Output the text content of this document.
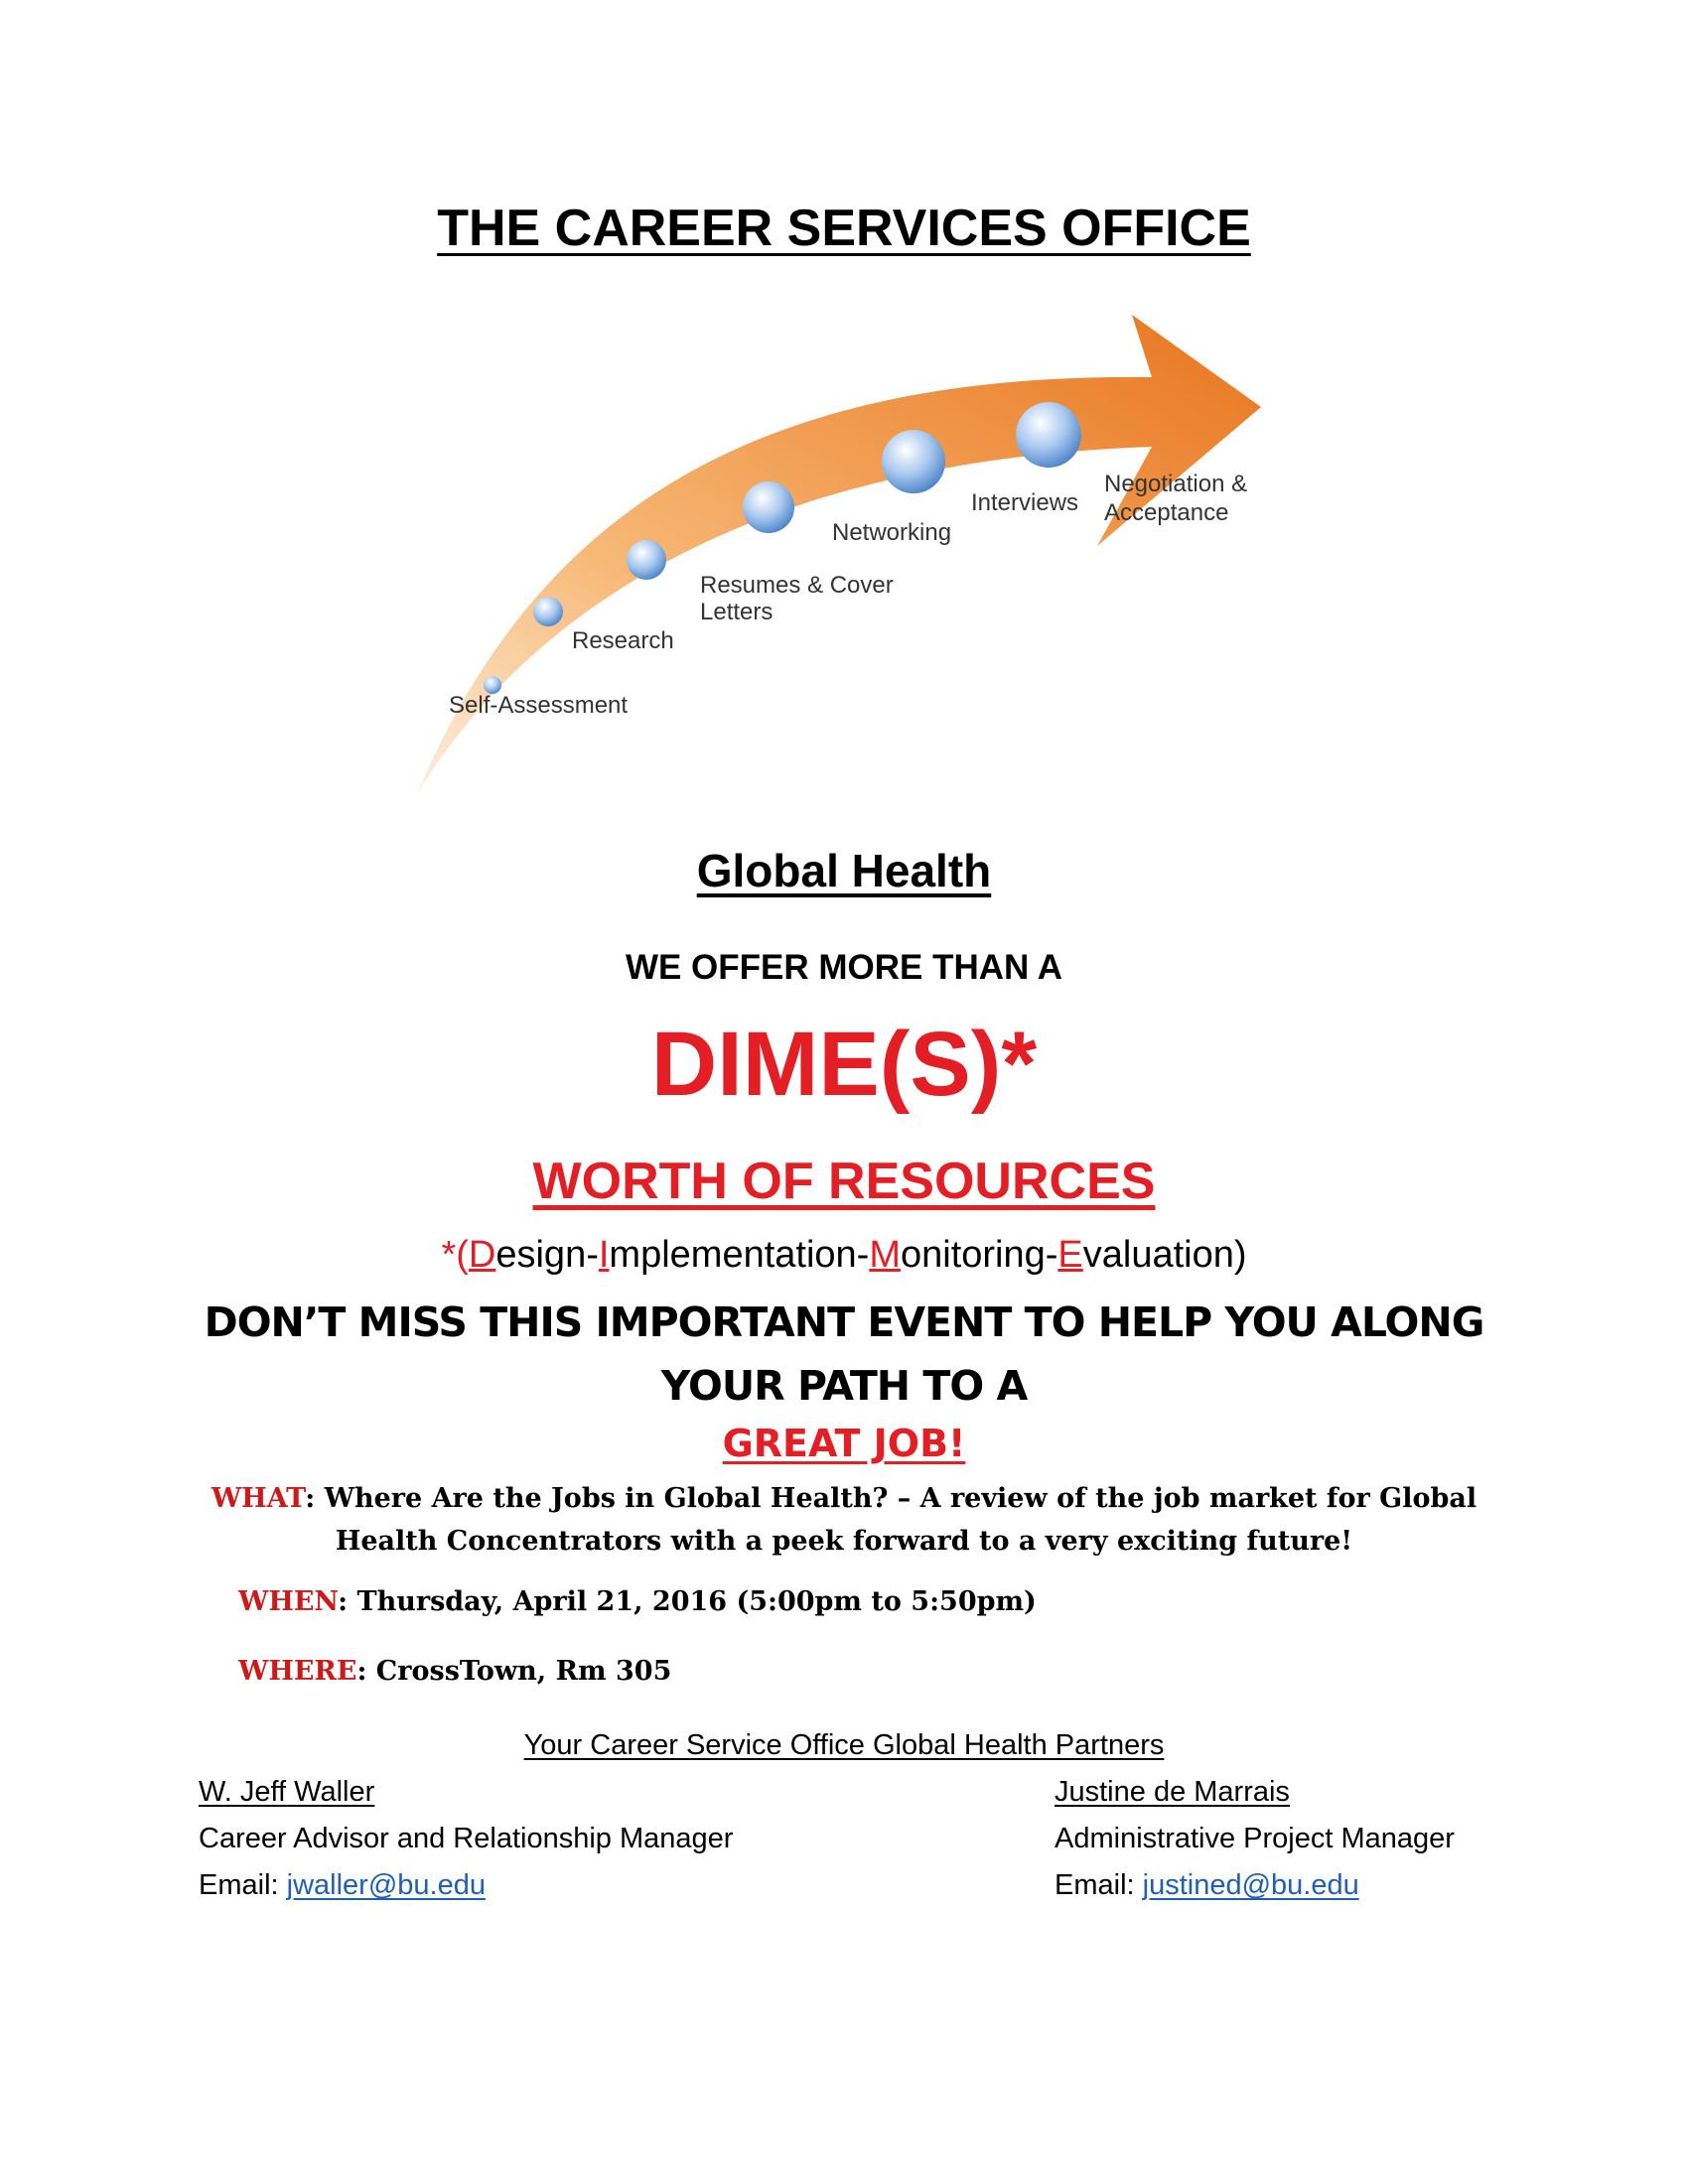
THE CAREER SERVICES OFFICE
Self-Assessment
Research
Resumes & Cover
Letters
Networking
Interviews
Negotiation &
Acceptance
Global Health
WE OFFER MORE THAN A
DIME(S)*
WORTH OF RESOURCES
*(Design-Implementation-Monitoring-Evaluation)
DON’T MISS THIS IMPORTANT EVENT TO HELP YOU ALONG YOUR PATH TO A
GREAT JOB!
WHAT: Where Are the Jobs in Global Health? – A review of the job market for Global Health Concentrators with a peek forward to a very exciting future!
WHEN: Thursday, April 21, 2016 (5:00pm to 5:50pm)
WHERE: CrossTown, Rm 305
Your Career Service Office Global Health Partners
W. Jeff Waller
Career Advisor and Relationship Manager
Email: jwaller@bu.edu
Justine de Marrais
Administrative Project Manager
Email: justined@bu.edu
